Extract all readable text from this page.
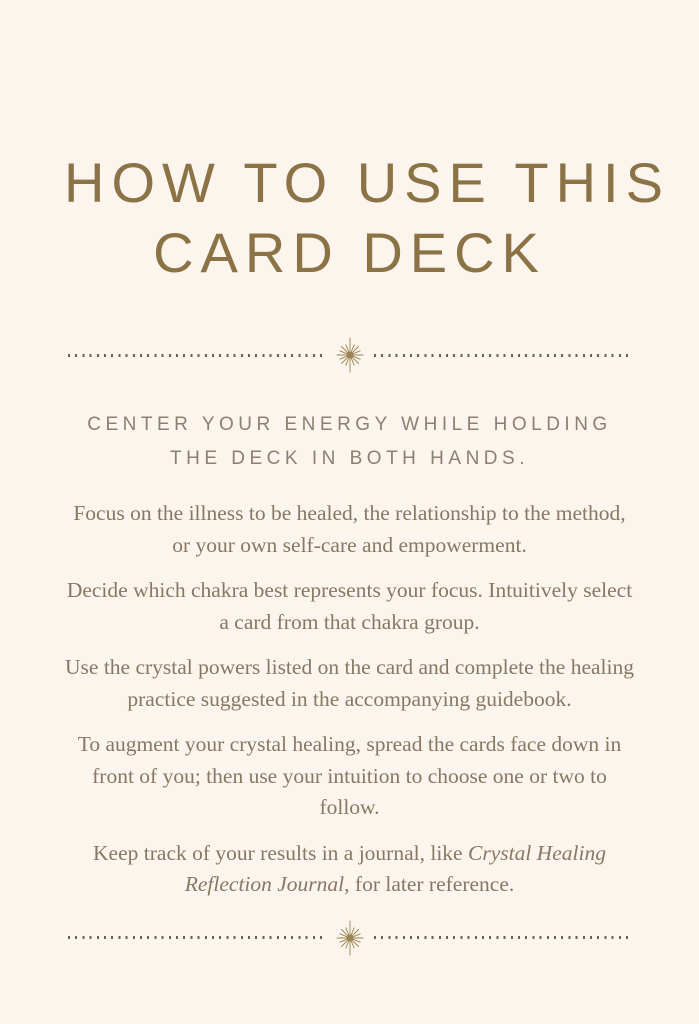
HOW TO USE THIS
CARD DECK

CENTER YOUR ENERGY WHILE HOLDING THE DECK IN BOTH HANDS.

Focus on the illness to be healed, the relationship to the method, or your own self-care and empowerment.

Decide which chakra best represents your focus. Intuitively select a card from that chakra group.

Use the crystal powers listed on the card and complete the healing practice suggested in the accompanying guidebook.

To augment your crystal healing, spread the cards face down in front of you; then use your intuition to choose one or two to follow.

Keep track of your results in a journal, like Crystal Healing Reflection Journal, for later reference.
